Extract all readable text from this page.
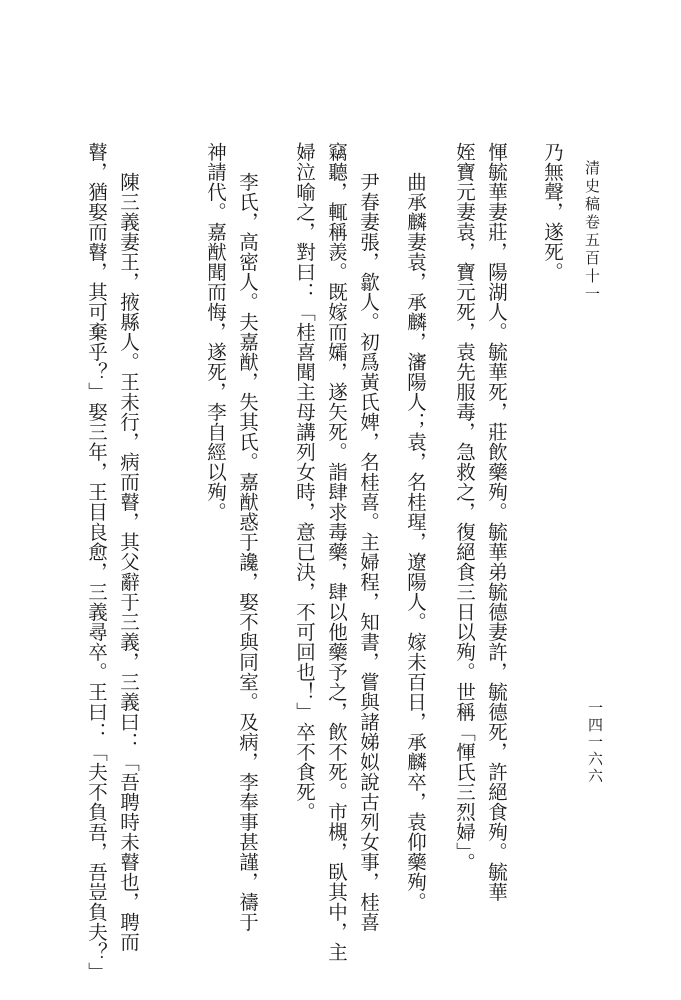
清史稿卷五百十一
一四一六六
乃無聲，遂死。
惲毓華妻莊，陽湖人。毓華死，莊飲藥殉。毓華弟毓德妻許，毓德死，許絕食殉。毓華
姪寶元妻袁，寶元死，袁先服毒，急救之，復絕食三日以殉。世稱「惲氏三烈婦」。
曲承麟妻袁，承麟，瀋陽人；袁，名桂瑆，遼陽人。嫁未百日，承麟卒，袁仰藥殉。
尹春妻張，歙人。初爲黃氏婢，名桂喜。主婦程，知書，嘗與諸娣姒說古列女事，桂喜
竊聽，輒稱羨。既嫁而孀，遂矢死。詣肆求毒藥，肆以他藥予之，飲不死。市槻，臥其中，主
婦泣喻之，對曰：「桂喜聞主母講列女時，意已決，不可回也！」卒不食死。
李氏，高密人。夫嘉猷，失其氏。嘉猷惑于讒，娶不與同室。及病，李奉事甚謹，禱于
神請代。嘉猷聞而悔，遂死，李自經以殉。
陳三義妻王，掖縣人。王未行，病而瞽，其父辭于三義，三義曰：「吾聘時未瞽也，聘而
瞽，猶娶而瞽，其可棄乎？」娶三年，王目良愈，三義尋卒。王曰：「夫不負吾，吾豈負夫？」
